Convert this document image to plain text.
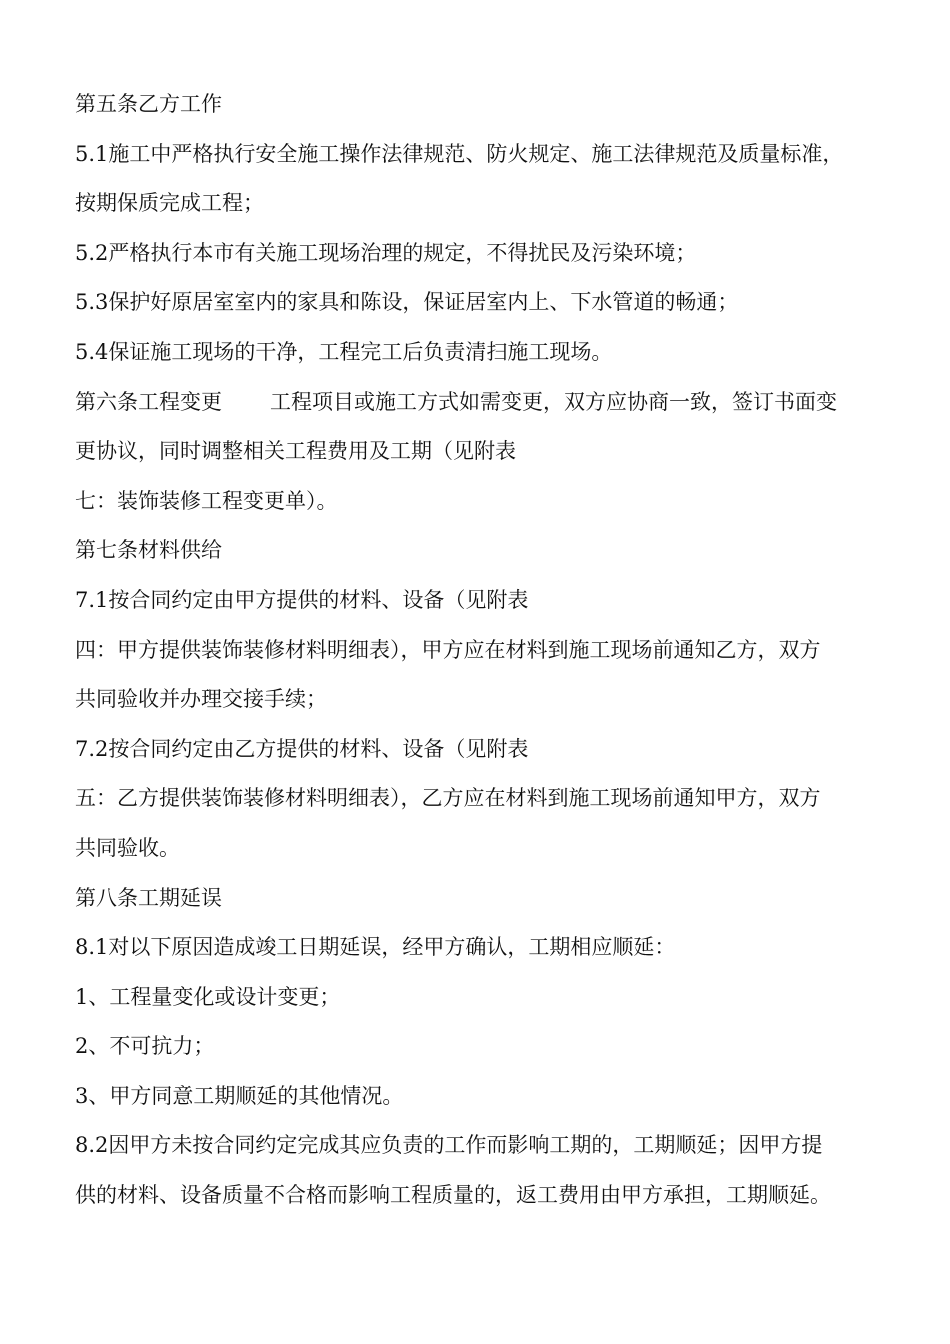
第五条乙方工作
5.1施工中严格执行安全施工操作法律规范、防火规定、施工法律规范及质量标准，
按期保质完成工程；
5.2严格执行本市有关施工现场治理的规定，不得扰民及污染环境；
5.3保护好原居室室内的家具和陈设，保证居室内上、下水管道的畅通；
5.4保证施工现场的干净，工程完工后负责清扫施工现场。
第六条工程变更 工程项目或施工方式如需变更，双方应协商一致，签订书面变
更协议，同时调整相关工程费用及工期（见附表
七：装饰装修工程变更单）。
第七条材料供给
7.1按合同约定由甲方提供的材料、设备（见附表
四：甲方提供装饰装修材料明细表），甲方应在材料到施工现场前通知乙方，双方
共同验收并办理交接手续；
7.2按合同约定由乙方提供的材料、设备（见附表
五：乙方提供装饰装修材料明细表），乙方应在材料到施工现场前通知甲方，双方
共同验收。
第八条工期延误
8.1对以下原因造成竣工日期延误，经甲方确认，工期相应顺延：
1、工程量变化或设计变更；
2、不可抗力；
3、甲方同意工期顺延的其他情况。
8.2因甲方未按合同约定完成其应负责的工作而影响工期的，工期顺延；因甲方提
供的材料、设备质量不合格而影响工程质量的，返工费用由甲方承担，工期顺延。
